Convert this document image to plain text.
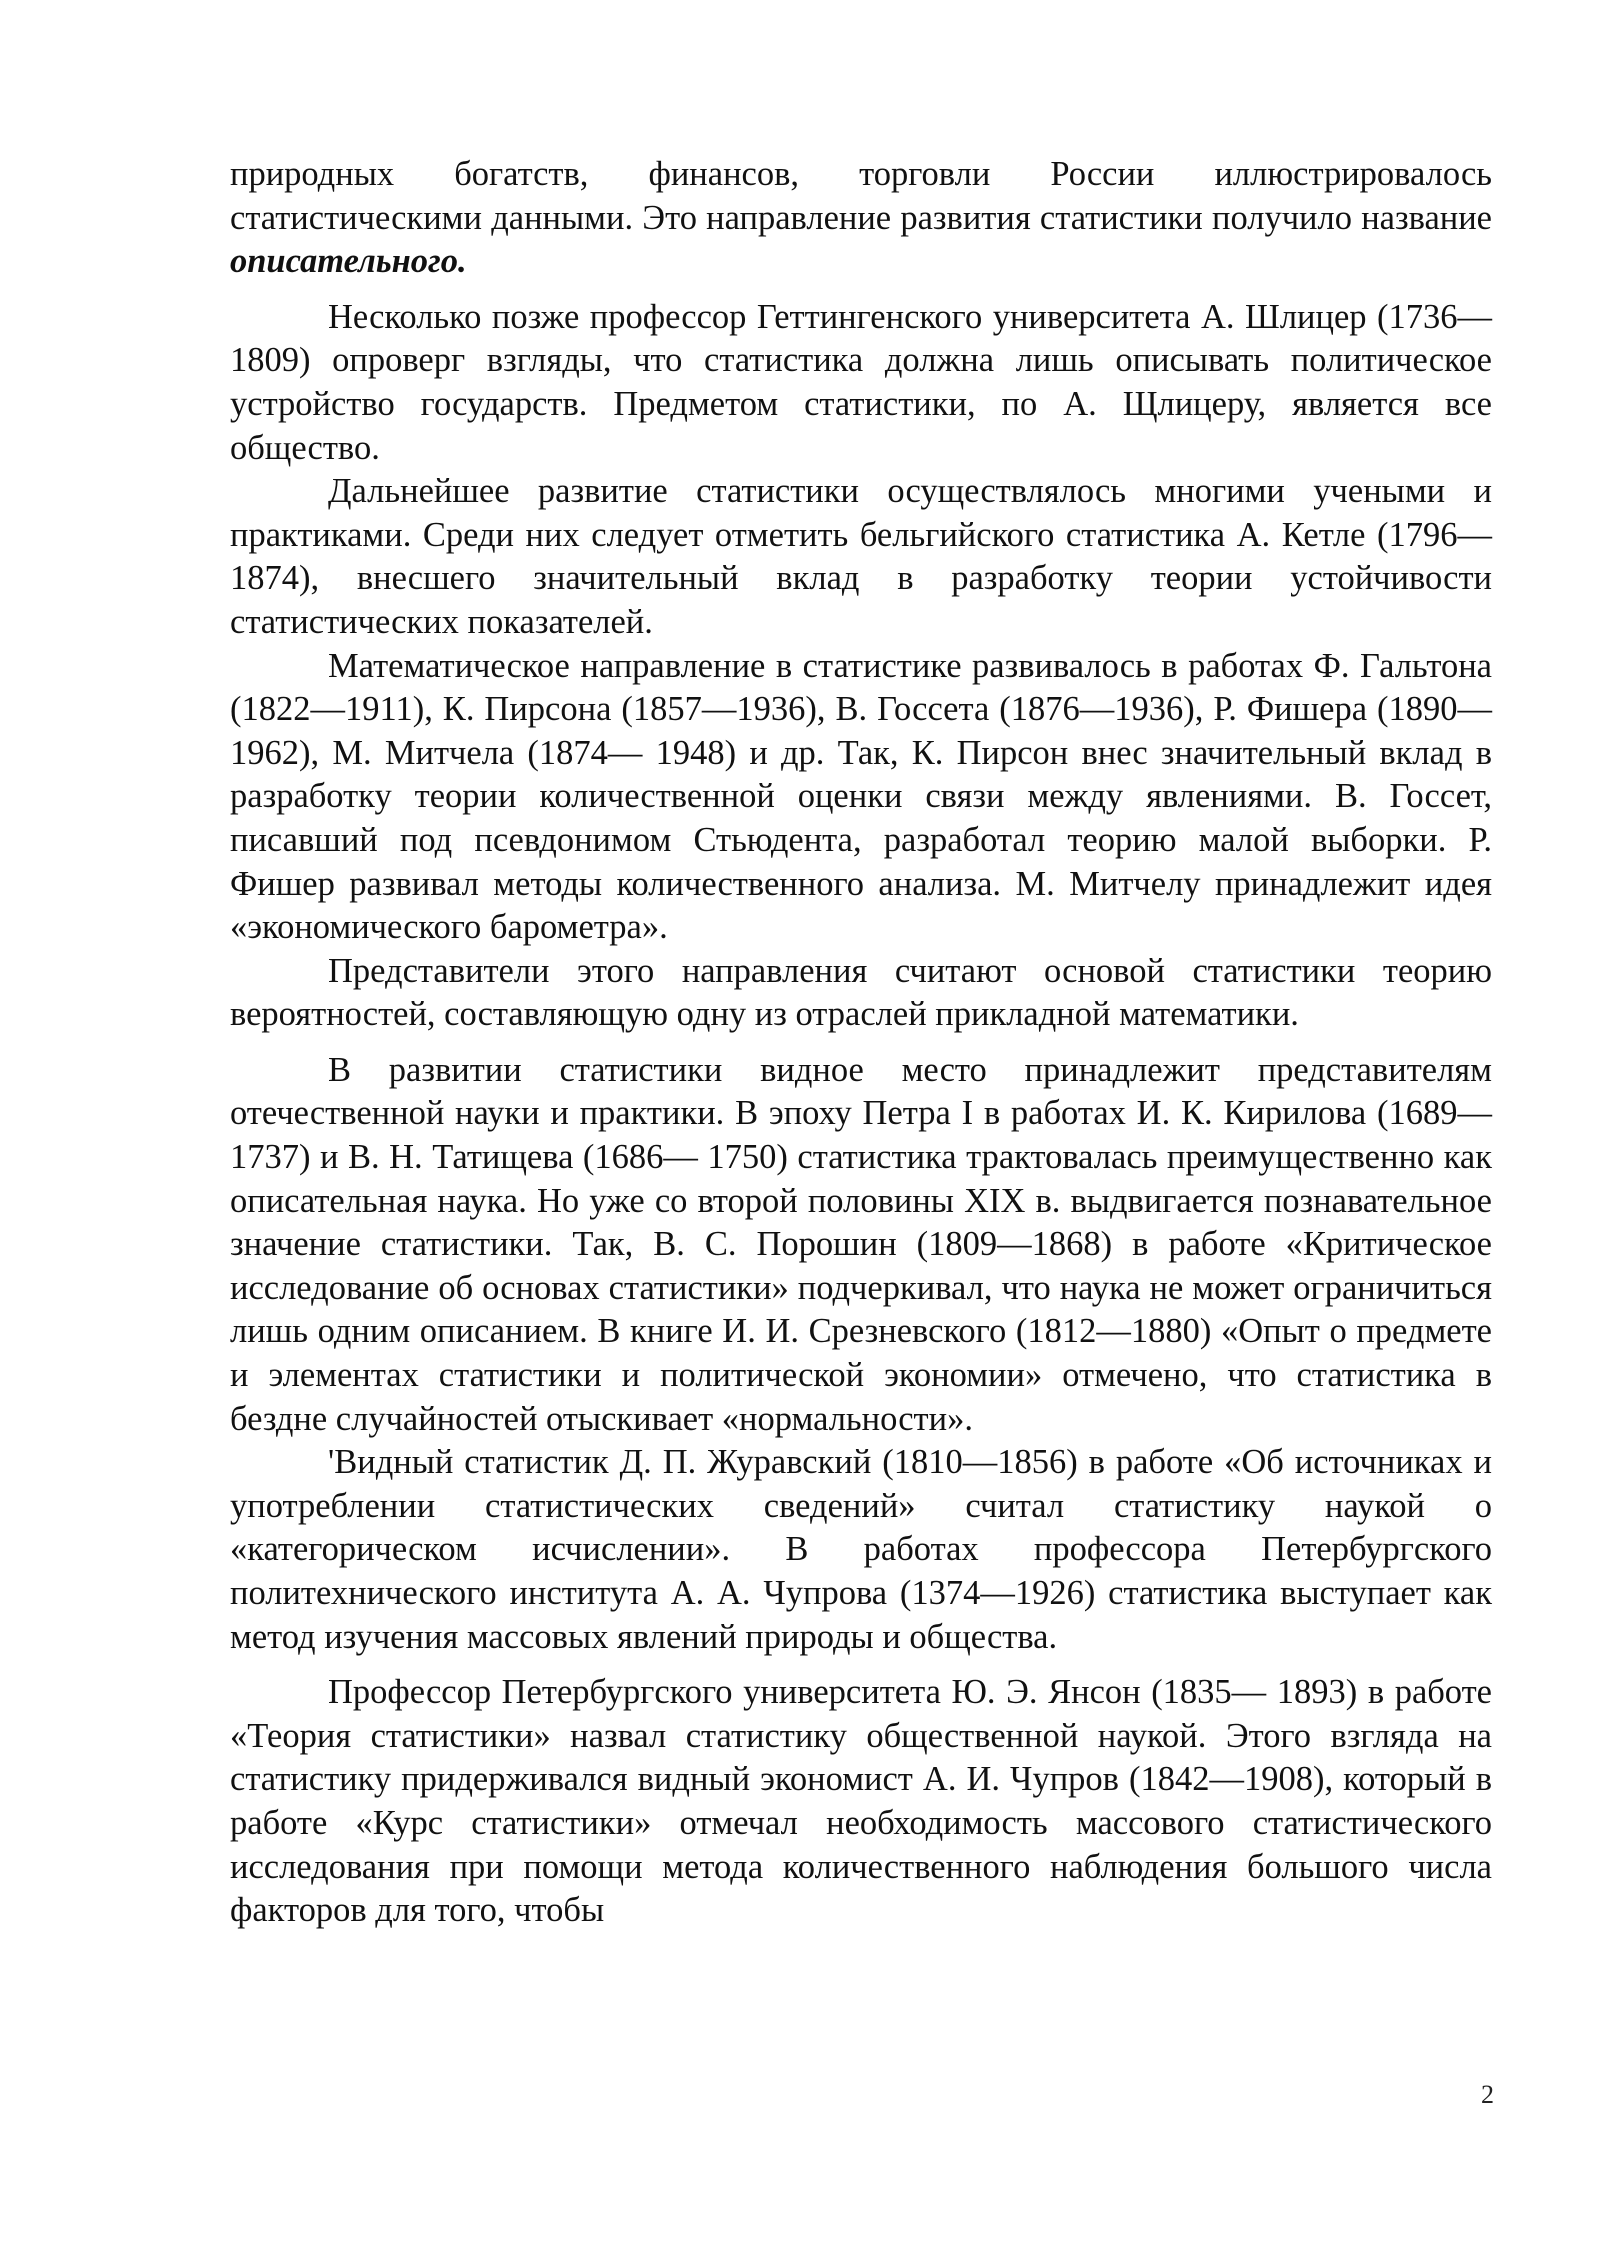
природных богатств, финансов, торговли России иллюстрировалось статистическими данными. Это направление развития статистики получило название описательного.

Несколько позже профессор Геттингенского университета А. Шлицер (1736—1809) опроверг взгляды, что статистика должна лишь описывать политическое устройство государств. Предметом статистики, по А. Щлицеру, является все общество.

Дальнейшее развитие статистики осуществлялось многими учеными и практиками. Среди них следует отметить бельгийского статистика А. Кетле (1796—1874), внесшего значительный вклад в разработку теории устойчивости статистических показателей.

Математическое направление в статистике развивалось в работах Ф. Гальтона (1822—1911), К. Пирсона (1857—1936), В. Госсета (1876—1936), Р. Фишера (1890—1962), М. Митчела (1874— 1948) и др. Так, К. Пирсон внес значительный вклад в разработку теории количественной оценки связи между явлениями. В. Госсет, писавший под псевдонимом Стьюдента, разработал теорию малой выборки. Р. Фишер развивал методы количественного анализа. М. Митчелу принадлежит идея «экономического барометра».

Представители этого направления считают основой статистики теорию вероятностей, составляющую одну из отраслей прикладной математики.

В развитии статистики видное место принадлежит представителям отечественной науки и практики. В эпоху Петра I в работах И. К. Кирилова (1689—1737) и В. Н. Татищева (1686— 1750) статистика трактовалась преимущественно как описательная наука. Но уже со второй половины XIX в. выдвигается познавательное значение статистики. Так, В. С. Порошин (1809—1868) в работе «Критическое исследование об основах статистики» подчеркивал, что наука не может ограничиться лишь одним описанием. В книге И. И. Срезневского (1812—1880) «Опыт о предмете и элементах статистики и политической экономии» отмечено, что статистика в бездне случайностей отыскивает «нормальности».

'Видный статистик Д. П. Журавский (1810—1856) в работе «Об источниках и употреблении статистических сведений» считал статистику наукой о «категорическом исчислении». В работах профессора Петербургского политехнического института А. А. Чупрова (1374—1926) статистика выступает как метод изучения массовых явлений природы и общества.

Профессор Петербургского университета Ю. Э. Янсон (1835— 1893) в работе «Теория статистики» назвал статистику общественной наукой. Этого взгляда на статистику придерживался видный экономист А. И. Чупров (1842—1908), который в работе «Курс статистики» отмечал необходимость массового статистического исследования при помощи метода количественного наблюдения большого числа факторов для того, чтобы

2
